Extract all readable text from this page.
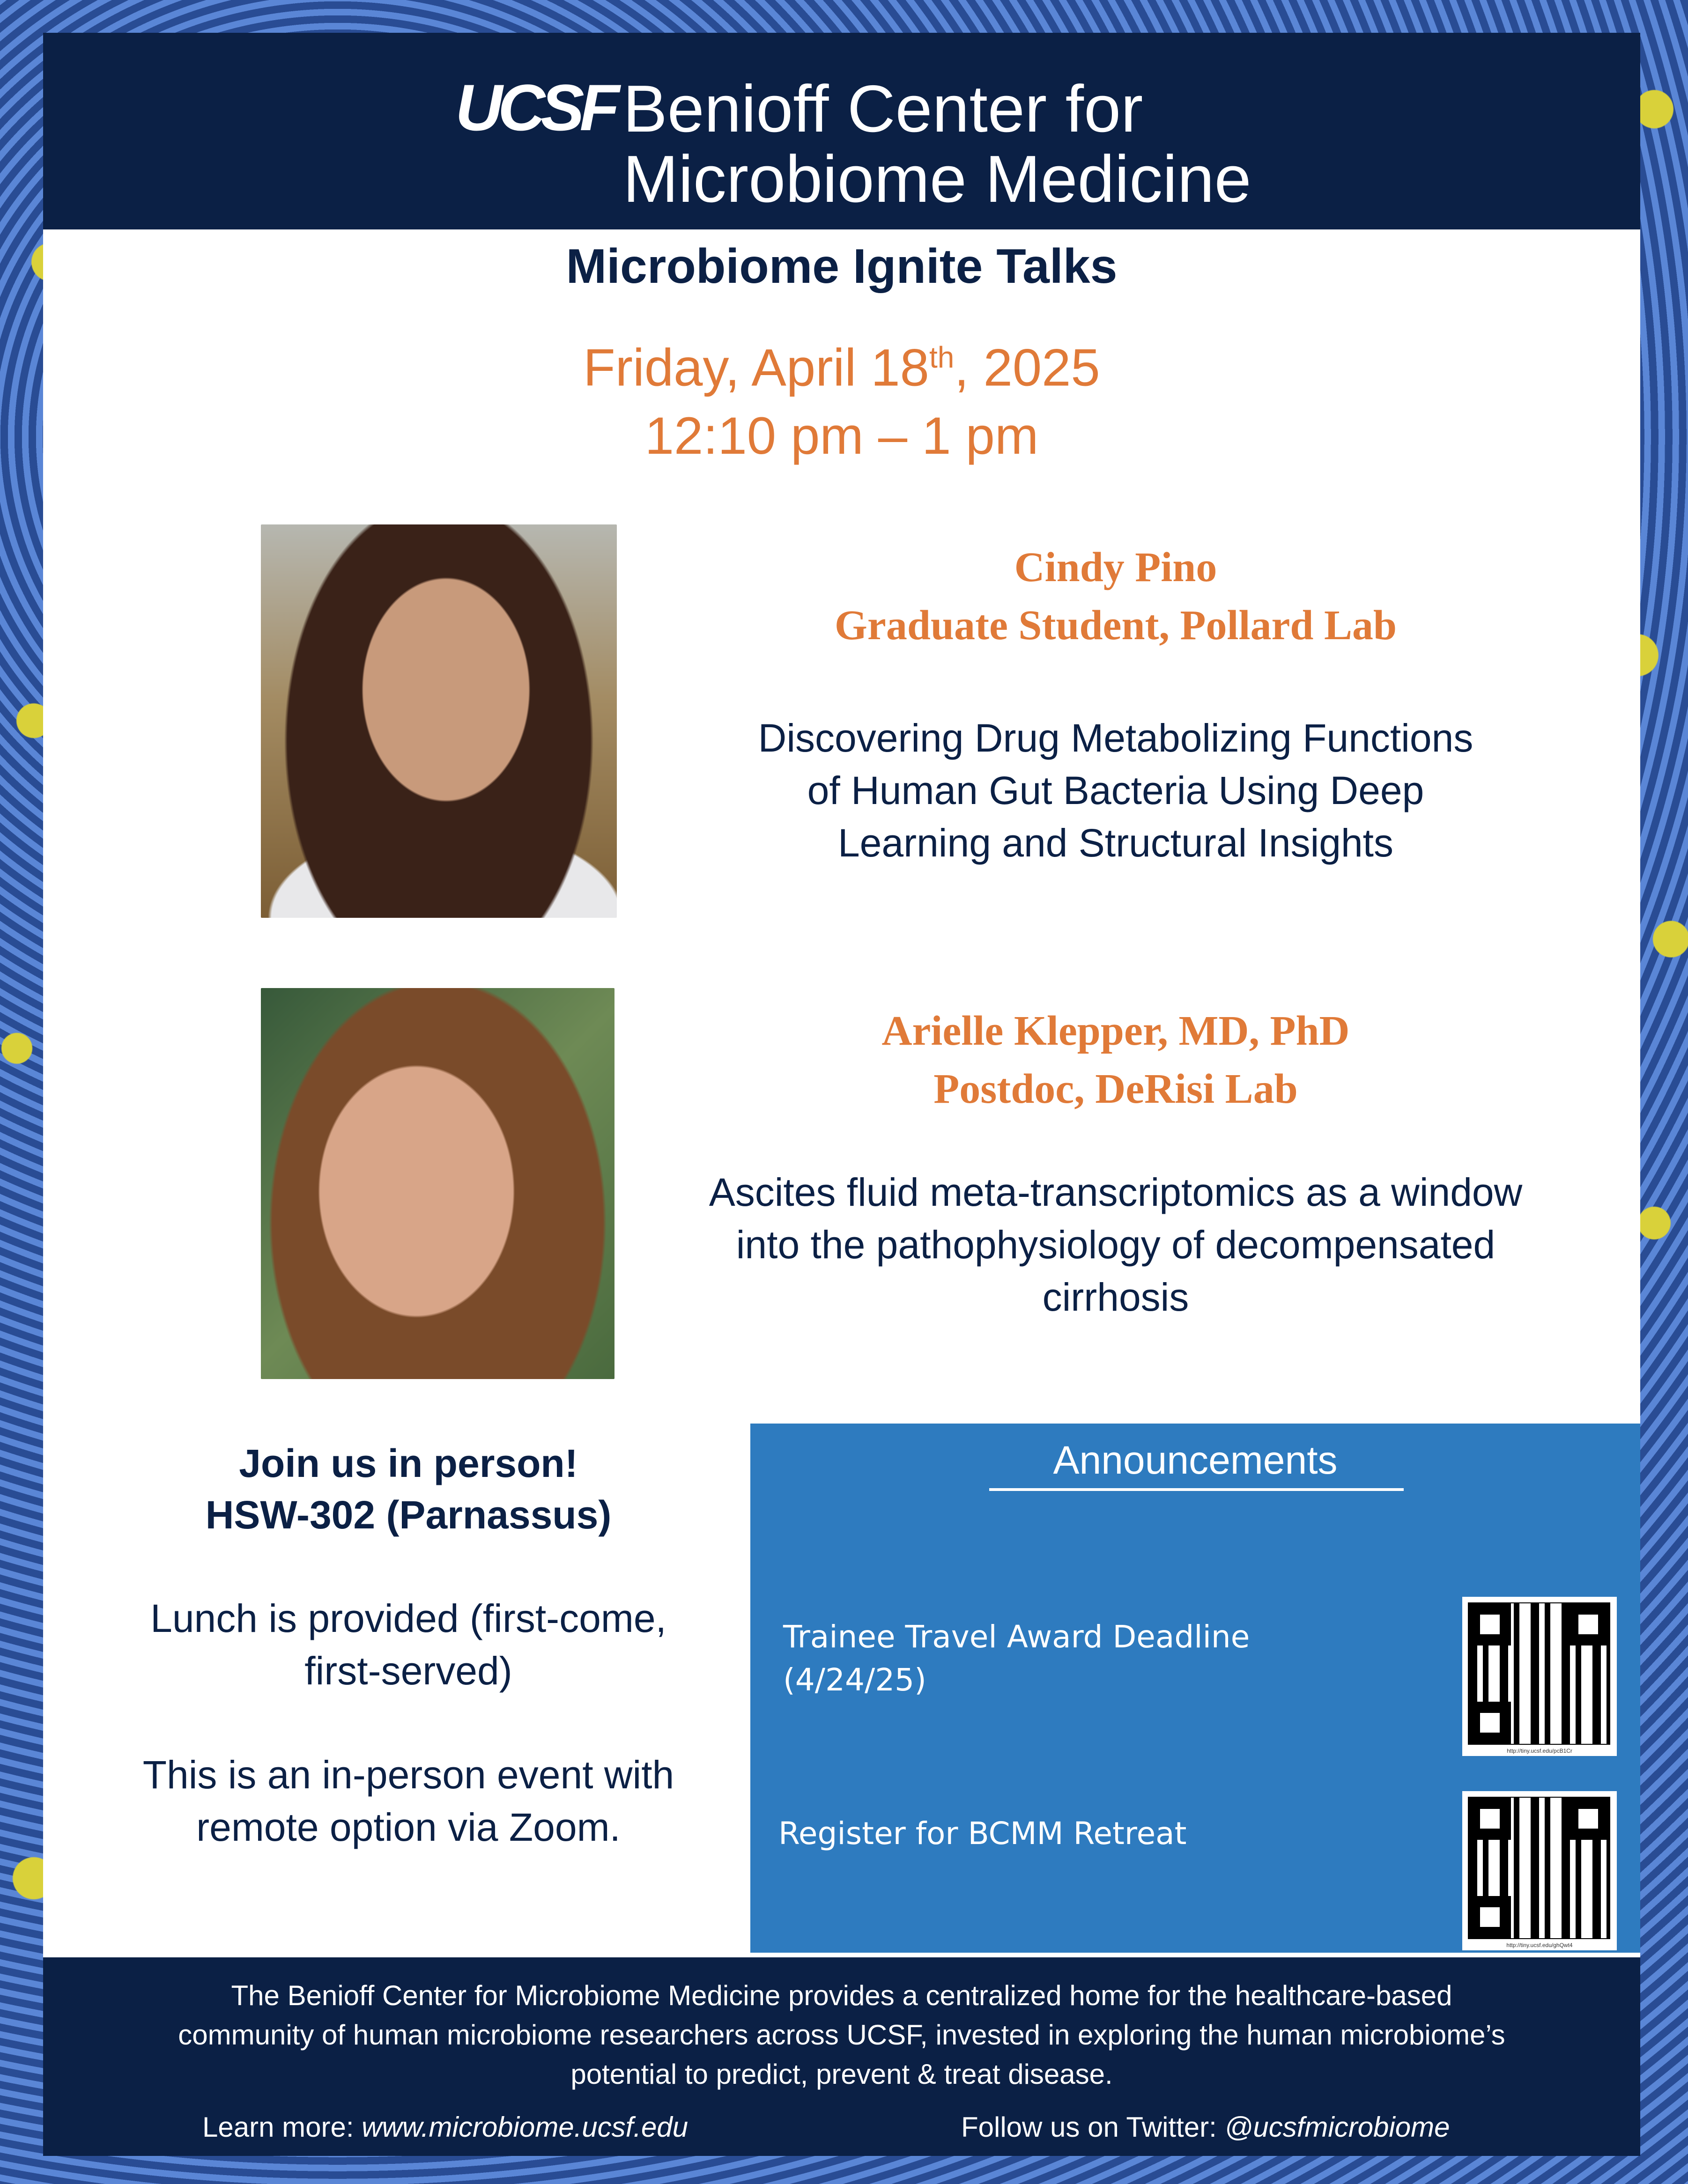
UCSF Benioff Center for
Microbiome Medicine
Microbiome Ignite Talks
Friday, April 18th, 2025
12:10 pm – 1 pm
Cindy Pino
Graduate Student, Pollard Lab
Discovering Drug Metabolizing Functions
of Human Gut Bacteria Using Deep
Learning and Structural Insights
Arielle Klepper, MD, PhD
Postdoc, DeRisi Lab
Ascites fluid meta-transcriptomics as a window
into the pathophysiology of decompensated
cirrhosis
Join us in person!
HSW-302 (Parnassus)
Lunch is provided (first-come,
first-served)
This is an in-person event with
remote option via Zoom.
Announcements
Trainee Travel Award Deadline
(4/24/25)
http://tiny.ucsf.edu/pcB1Cr
Register for BCMM Retreat
http://tiny.ucsf.edu/ghQwt4
The Benioff Center for Microbiome Medicine provides a centralized home for the healthcare-based
community of human microbiome researchers across UCSF, invested in exploring the human microbiome’s
potential to predict, prevent & treat disease.
Learn more: www.microbiome.ucsf.edu	Follow us on Twitter: @ucsfmicrobiome
